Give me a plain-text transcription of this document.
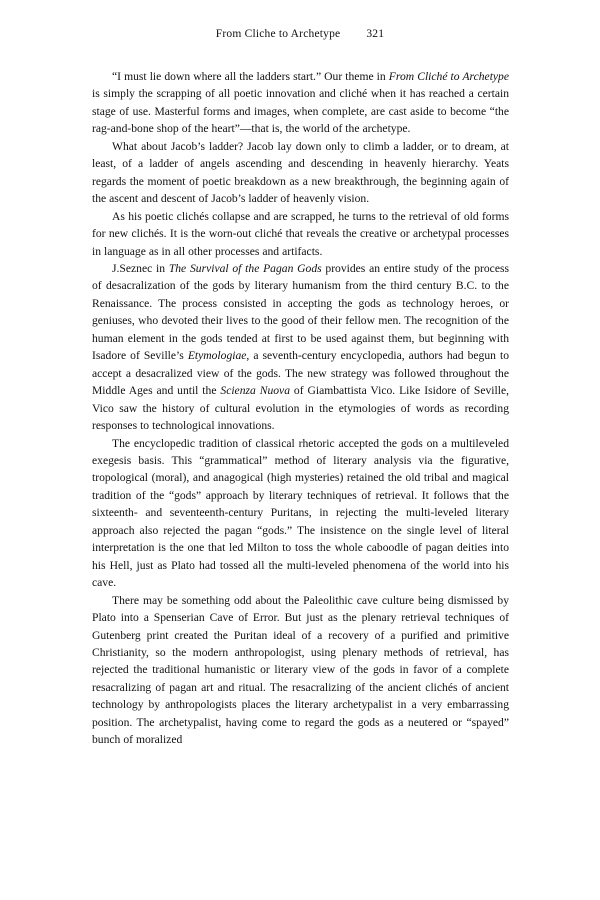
From Cliche to Archetype 321

“I must lie down where all the ladders start.” Our theme in From Cliché to Archetype is simply the scrapping of all poetic innovation and cliché when it has reached a certain stage of use. Masterful forms and images, when complete, are cast aside to become “the rag-and-bone shop of the heart”—that is, the world of the archetype.

What about Jacob’s ladder? Jacob lay down only to climb a ladder, or to dream, at least, of a ladder of angels ascending and descending in heavenly hierarchy. Yeats regards the moment of poetic breakdown as a new breakthrough, the beginning again of the ascent and descent of Jacob’s ladder of heavenly vision.

As his poetic clichés collapse and are scrapped, he turns to the retrieval of old forms for new clichés. It is the worn-out cliché that reveals the creative or archetypal processes in language as in all other processes and artifacts.

J.Seznec in The Survival of the Pagan Gods provides an entire study of the process of desacralization of the gods by literary humanism from the third century B.C. to the Renaissance. The process consisted in accepting the gods as technology heroes, or geniuses, who devoted their lives to the good of their fellow men. The recognition of the human element in the gods tended at first to be used against them, but beginning with Isadore of Seville’s Etymologiae, a seventh-century encyclopedia, authors had begun to accept a desacralized view of the gods. The new strategy was followed throughout the Middle Ages and until the Scienza Nuova of Giambattista Vico. Like Isidore of Seville, Vico saw the history of cultural evolution in the etymologies of words as recording responses to technological innovations.

The encyclopedic tradition of classical rhetoric accepted the gods on a multileveled exegesis basis. This “grammatical” method of literary analysis via the figurative, tropological (moral), and anagogical (high mysteries) retained the old tribal and magical tradition of the “gods” approach by literary techniques of retrieval. It follows that the sixteenth- and seventeenth-century Puritans, in rejecting the multi-leveled literary approach also rejected the pagan “gods.” The insistence on the single level of literal interpretation is the one that led Milton to toss the whole caboodle of pagan deities into his Hell, just as Plato had tossed all the multi-leveled phenomena of the world into his cave.

There may be something odd about the Paleolithic cave culture being dismissed by Plato into a Spenserian Cave of Error. But just as the plenary retrieval techniques of Gutenberg print created the Puritan ideal of a recovery of a purified and primitive Christianity, so the modern anthropologist, using plenary methods of retrieval, has rejected the traditional humanistic or literary view of the gods in favor of a complete resacralizing of pagan art and ritual. The resacralizing of the ancient clichés of ancient technology by anthropologists places the literary archetypalist in a very embarrassing position. The archetypalist, having come to regard the gods as a neutered or “spayed” bunch of moralized
